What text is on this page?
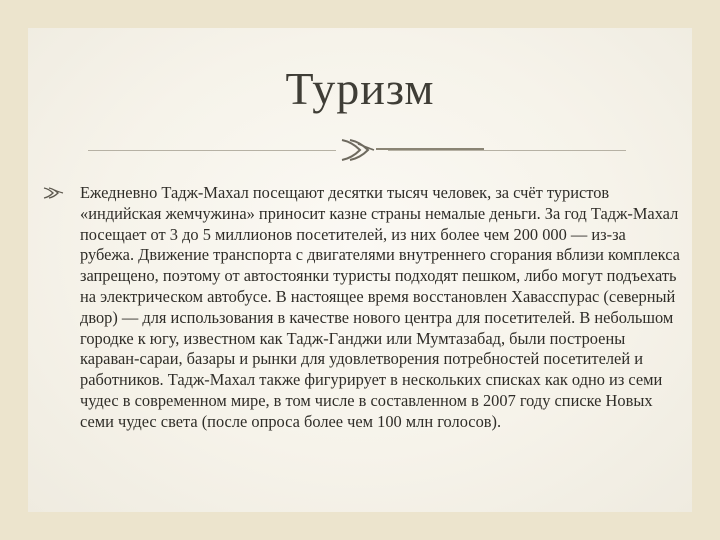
Туризм

Ежедневно Тадж-Махал посещают десятки тысяч человек, за счёт туристов «индийская жемчужина» приносит казне страны немалые деньги. За год Тадж-Махал посещает от 3 до 5 миллионов посетителей, из них более чем 200 000 — из-за рубежа. Движение транспорта с двигателями внутреннего сгорания вблизи комплекса запрещено, поэтому от автостоянки туристы подходят пешком, либо могут подъехать на электрическом автобусе. В настоящее время восстановлен Хавасспурас (северный двор) — для использования в качестве нового центра для посетителей. В небольшом городке к югу, известном как Тадж-Ганджи или Мумтазабад, были построены караван-сараи, базары и рынки для удовлетворения потребностей посетителей и работников. Тадж-Махал также фигурирует в нескольких списках как одно из семи чудес в современном мире, в том числе в составленном в 2007 году списке Новых семи чудес света (после опроса более чем 100 млн голосов).
